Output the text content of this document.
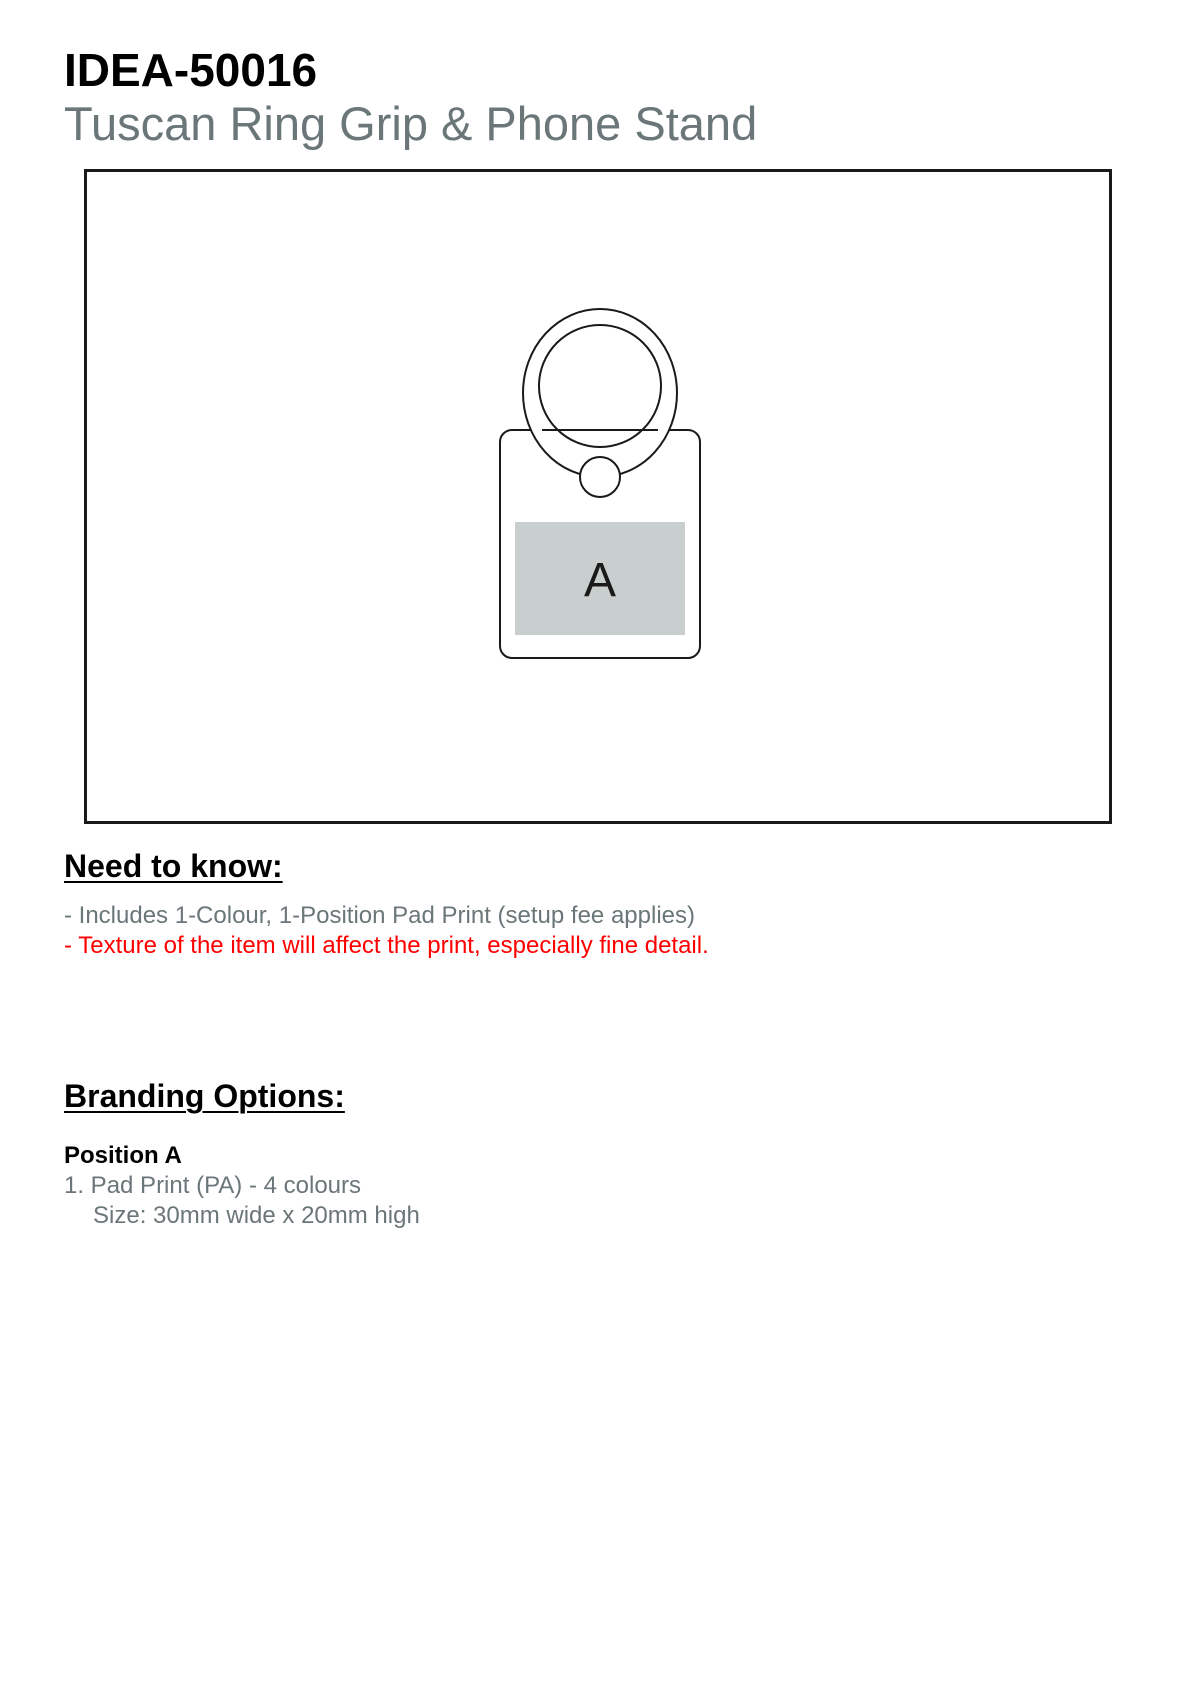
IDEA-50016
Tuscan Ring Grip & Phone Stand
A
Need to know:

- Includes 1-Colour, 1-Position Pad Print (setup fee applies)

- Texture of the item will affect the print, especially fine detail.

Branding Options:

Position A

1. Pad Print (PA) - 4 colours

Size: 30mm wide x 20mm high
